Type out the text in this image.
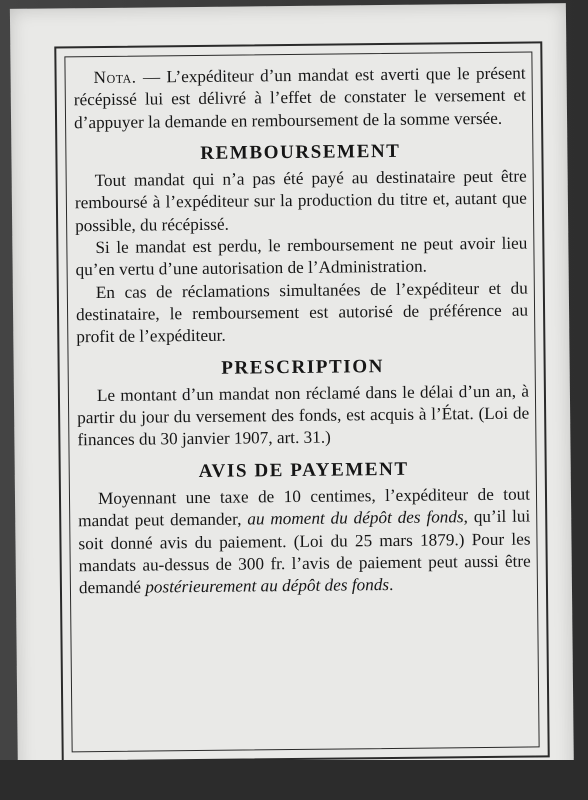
Nota. — L’expéditeur d’un mandat est averti que le présent récépissé lui est délivré à l’effet de constater le versement et d’appuyer la demande en remboursement de la somme versée.

REMBOURSEMENT

Tout mandat qui n’a pas été payé au destinataire peut être remboursé à l’expéditeur sur la production du titre et, autant que possible, du récépissé.

Si le mandat est perdu, le remboursement ne peut avoir lieu qu’en vertu d’une autorisation de l’Administration.

En cas de réclamations simultanées de l’expéditeur et du destinataire, le remboursement est autorisé de préférence au profit de l’expéditeur.

PRESCRIPTION

Le montant d’un mandat non réclamé dans le délai d’un an, à partir du jour du versement des fonds, est acquis à l’État. (Loi de finances du 30 janvier 1907, art. 31.)

AVIS DE PAYEMENT

Moyennant une taxe de 10 centimes, l’expéditeur de tout mandat peut demander, au moment du dépôt des fonds, qu’il lui soit donné avis du paiement. (Loi du 25 mars 1879.) Pour les mandats au-dessus de 300 fr. l’avis de paiement peut aussi être demandé postérieurement au dépôt des fonds.
